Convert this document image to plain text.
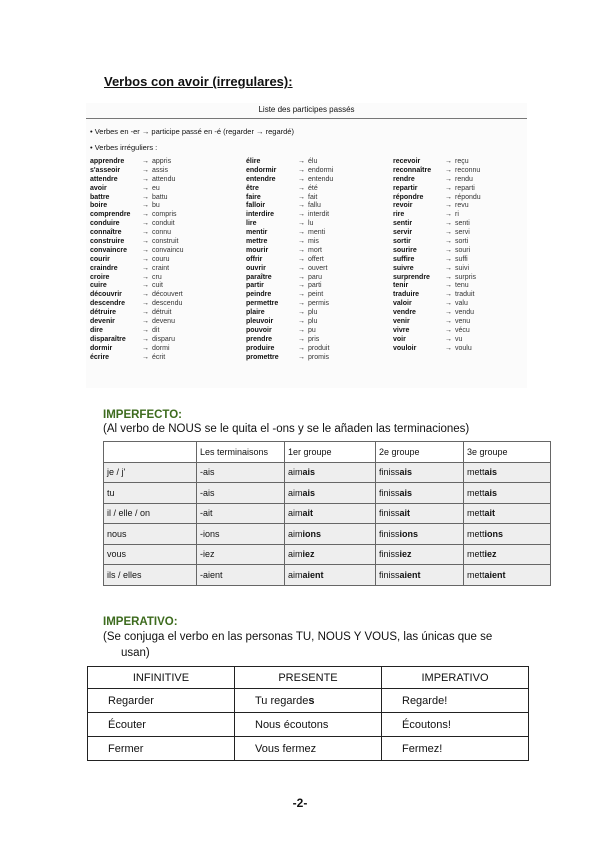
Verbos con avoir (irregulares):
Liste des participes passés
• Verbes en -er → participe passé en -é (regarder → regardé)
• Verbes irréguliers :
apprendre	→ appris
s'asseoir	→ assis
attendre	→ attendu
avoir	→ eu
battre	→ battu
boire	→ bu
comprendre → compris
conduire	→ conduit
connaître	→ connu
construire	→ construit
convaincre → convaincu
courir	→ couru
craindre	→ craint
croire	→ cru
cuire	→ cuit
découvrir	→ découvert
descendre → descendu
détruire	→ détruit
devenir	→ devenu
dire	→ dit
disparaître → disparu
dormir	→ dormi
écrire	→ écrit
élire	→ élu
endormir	→ endormi
entendre	→ entendu
être	→ été
faire	→ fait
falloir	→ fallu
interdire	→ interdit
lire	→ lu
mentir	→ menti
mettre	→ mis
mourir	→ mort
offrir	→ offert
ouvrir	→ ouvert
paraître	→ paru
partir	→ parti
peindre	→ peint
permettre	→ permis
plaire	→ plu
pleuvoir	→ plu
pouvoir	→ pu
prendre	→ pris
produire	→ produit
promettre	→ promis
recevoir	→ reçu
reconnaître → reconnu
rendre	→ rendu
repartir	→ reparti
répondre	→ répondu
revoir	→ revu
rire	→ ri
sentir	→ senti
servir	→ servi
sortir	→ sorti
sourire	→ souri
suffire	→ suffi
suivre	→ suivi
surprendre → surpris
tenir	→ tenu
traduire	→ traduit
valoir	→ valu
vendre	→ vendu
venir	→ venu
vivre	→ vécu
voir	→ vu
vouloir	→ voulu
IMPERFECTO:
(Al verbo de NOUS se le quita el -ons y se le añaden las terminaciones)
	Les terminaisons	1er groupe	2e groupe	3e groupe
je / j'	-ais	aimais	finissais	mettais
tu	-ais	aimais	finissais	mettais
il / elle / on	-ait	aimait	finissait	mettait
nous	-ions	aimions	finissions	mettions
vous	-iez	aimiez	finissiez	mettiez
ils / elles	-aient	aimaient	finissaient	mettaient
IMPERATIVO:
(Se conjuga el verbo en las personas TU, NOUS Y VOUS, las únicas que se
usan)
INFINITIVE	PRESENTE	IMPERATIVO
Regarder	Tu regardes	Regarde!
Écouter	Nous écoutons	Écoutons!
Fermer	Vous fermez	Fermez!
-2-
